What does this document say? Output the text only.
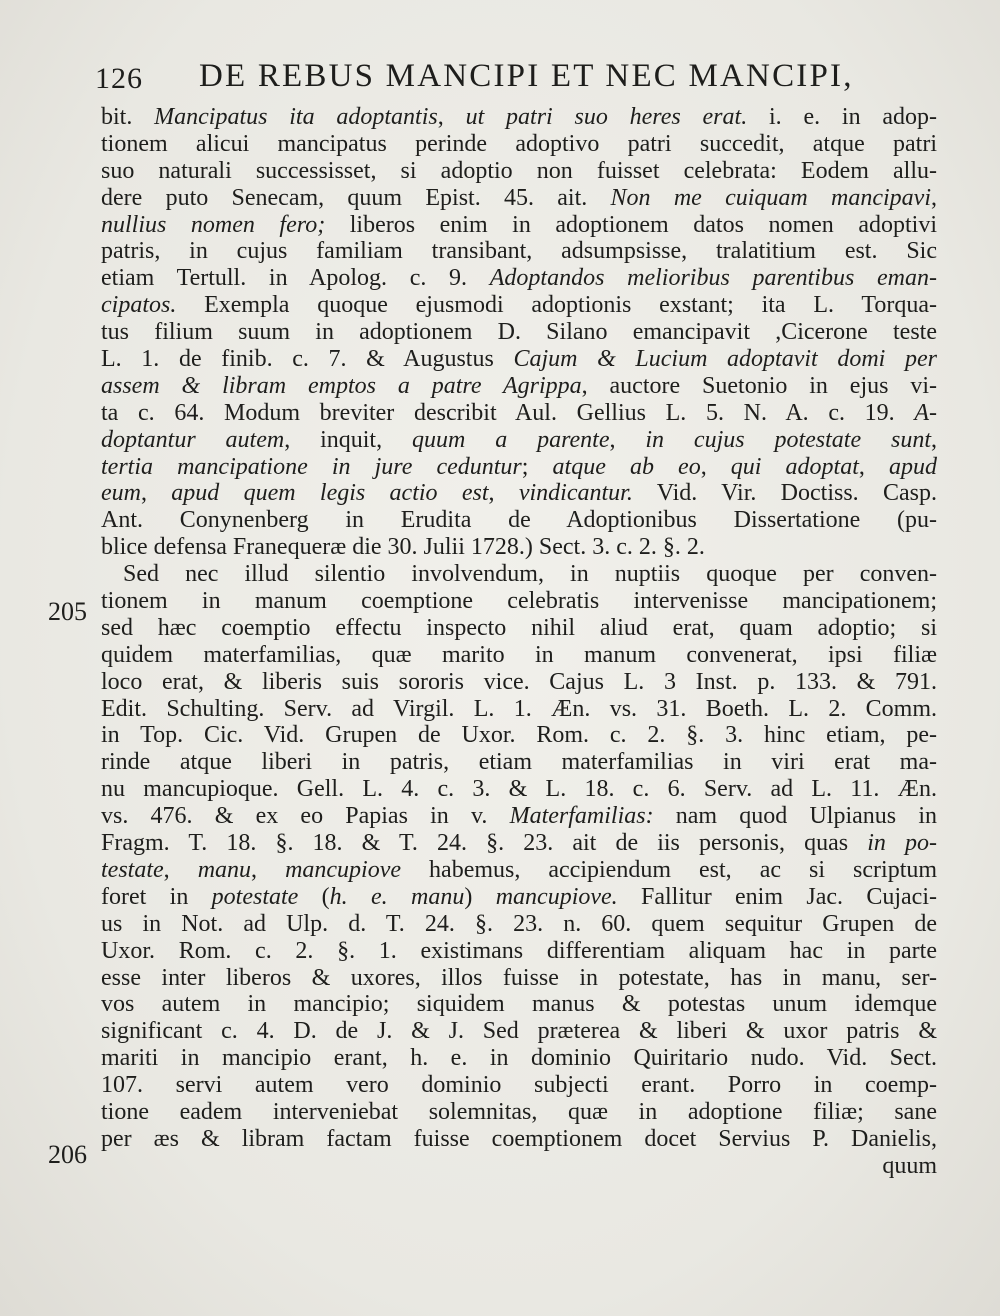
126 DE REBUS MANCIPI ET NEC MANCIPI,
205
206
bit. Mancipatus ita adoptantis, ut patri suo heres erat. i. e. in adop-
tionem alicui mancipatus perinde adoptivo patri succedit, atque patri
suo naturali successisset, si adoptio non fuisset celebrata: Eodem allu-
dere puto Senecam, quum Epist. 45. ait. Non me cuiquam mancipavi,
nullius nomen fero; liberos enim in adoptionem datos nomen adoptivi
patris, in cujus familiam transibant, adsumpsisse, tralatitium est. Sic
etiam Tertull. in Apolog. c. 9. Adoptandos melioribus parentibus eman-
cipatos. Exempla quoque ejusmodi adoptionis exstant; ita L. Torqua-
tus filium suum in adoptionem D. Silano emancipavit ,Cicerone teste
L. 1. de finib. c. 7. & Augustus Cajum & Lucium adoptavit domi per
assem & libram emptos a patre Agrippa, auctore Suetonio in ejus vi-
ta c. 64. Modum breviter describit Aul. Gellius L. 5. N. A. c. 19. A-
doptantur autem, inquit, quum a parente, in cujus potestate sunt,
tertia mancipatione in jure ceduntur; atque ab eo, qui adoptat, apud
eum, apud quem legis actio est, vindicantur. Vid. Vir. Doctiss. Casp.
Ant. Conynenberg in Erudita de Adoptionibus Dissertatione (pu-
blice defensa Franequeræ die 30. Julii 1728.) Sect. 3. c. 2. §. 2.
Sed nec illud silentio involvendum, in nuptiis quoque per conven-
tionem in manum coemptione celebratis intervenisse mancipationem;
sed hæc coemptio effectu inspecto nihil aliud erat, quam adoptio; si
quidem materfamilias, quæ marito in manum convenerat, ipsi filiæ
loco erat, & liberis suis sororis vice. Cajus L. 3 Inst. p. 133. & 791.
Edit. Schulting. Serv. ad Virgil. L. 1. Æn. vs. 31. Boeth. L. 2. Comm.
in Top. Cic. Vid. Grupen de Uxor. Rom. c. 2. §. 3. hinc etiam, pe-
rinde atque liberi in patris, etiam materfamilias in viri erat ma-
nu mancupioque. Gell. L. 4. c. 3. & L. 18. c. 6. Serv. ad L. 11. Æn.
vs. 476. & ex eo Papias in v. Materfamilias: nam quod Ulpianus in
Fragm. T. 18. §. 18. & T. 24. §. 23. ait de iis personis, quas in po-
testate, manu, mancupiove habemus, accipiendum est, ac si scriptum
foret in potestate (h. e. manu) mancupiove. Fallitur enim Jac. Cujaci-
us in Not. ad Ulp. d. T. 24. §. 23. n. 60. quem sequitur Grupen de
Uxor. Rom. c. 2. §. 1. existimans differentiam aliquam hac in parte
esse inter liberos & uxores, illos fuisse in potestate, has in manu, ser-
vos autem in mancipio; siquidem manus & potestas unum idemque
significant c. 4. D. de J. & J. Sed præterea & liberi & uxor patris &
mariti in mancipio erant, h. e. in dominio Quiritario nudo. Vid. Sect.
107. servi autem vero dominio subjecti erant. Porro in coemp-
tione eadem interveniebat solemnitas, quæ in adoptione filiæ; sane
per æs & libram factam fuisse coemptionem docet Servius P. Danielis,
quum
